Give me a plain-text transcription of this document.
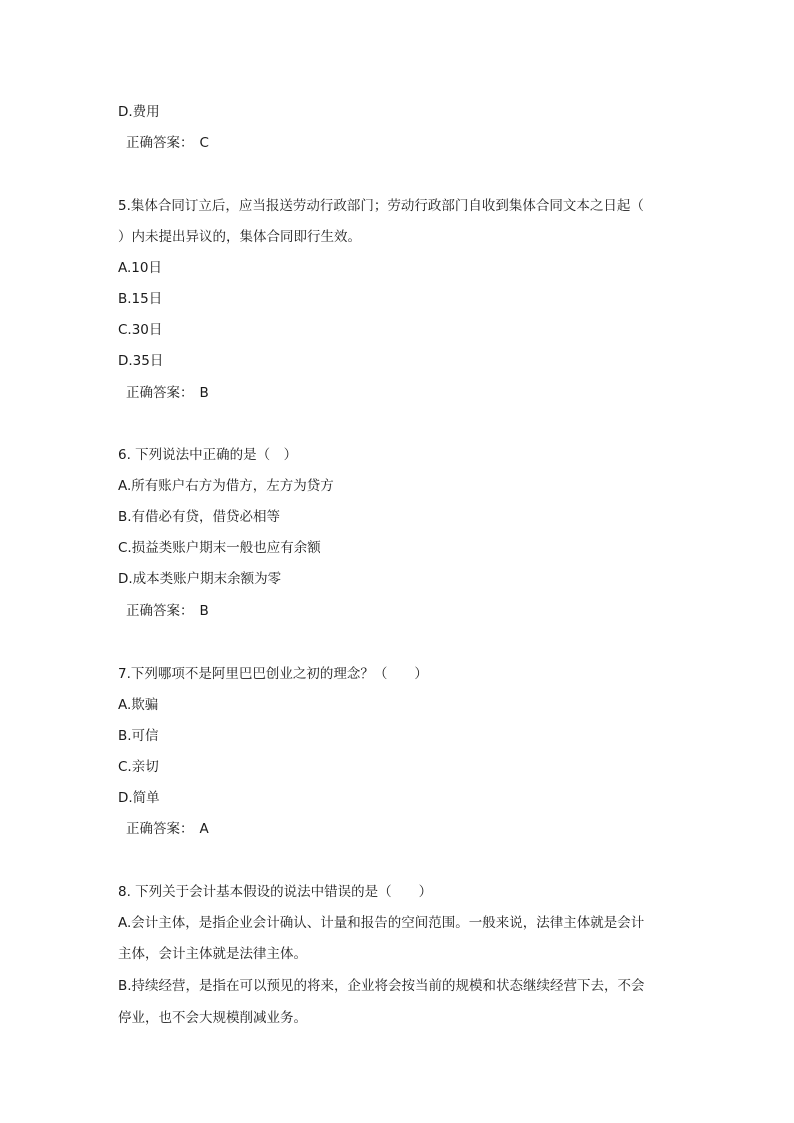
D.费用
正确答案： C
5.集体合同订立后，应当报送劳动行政部门；劳动行政部门自收到集体合同文本之日起（
）内未提出异议的，集体合同即行生效。
A.10日
B.15日
C.30日
D.35日
正确答案： B
6. 下列说法中正确的是（　）
A.所有账户右方为借方，左方为贷方
B.有借必有贷，借贷必相等
C.损益类账户期末一般也应有余额
D.成本类账户期末余额为零
正确答案： B
7.下列哪项不是阿里巴巴创业之初的理念？（　　）
A.欺骗
B.可信
C.亲切
D.简单
正确答案： A
8. 下列关于会计基本假设的说法中错误的是（　　）
A.会计主体，是指企业会计确认、计量和报告的空间范围。一般来说，法律主体就是会计
主体，会计主体就是法律主体。
B.持续经营，是指在可以预见的将来，企业将会按当前的规模和状态继续经营下去，不会
停业，也不会大规模削减业务。
